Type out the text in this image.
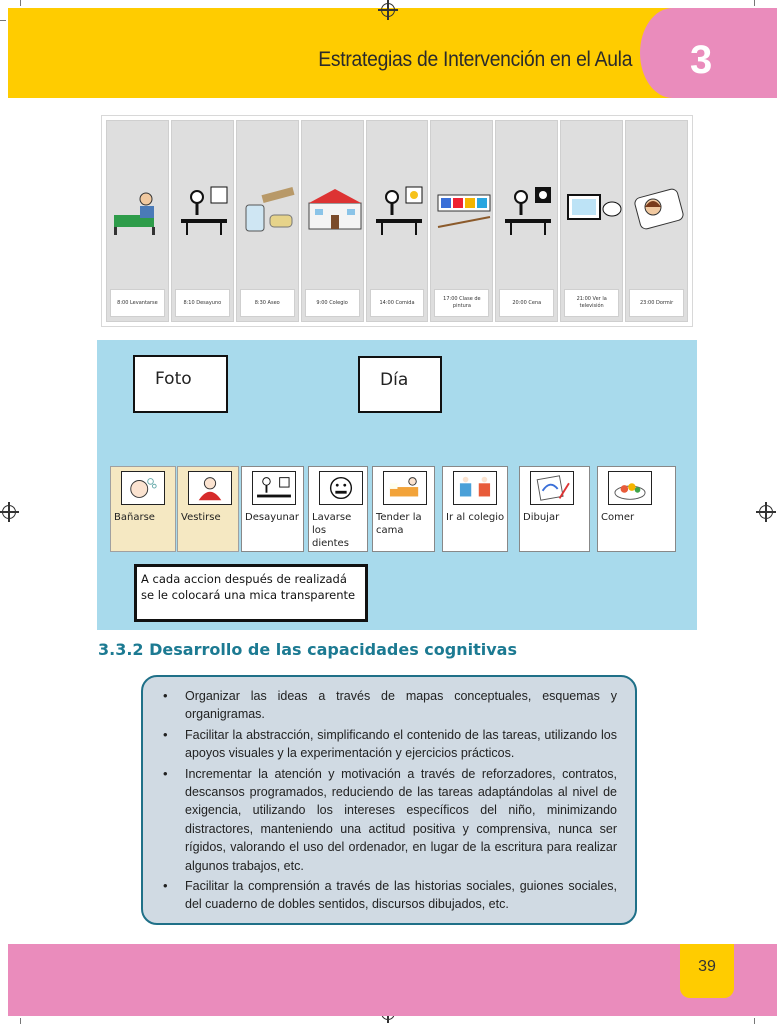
Estrategias de Intervención en el Aula 3
8:00 Levantarse	8:10 Desayuno	8:30 Aseo	9:00 Colegio	14:00 Comida
17:00 Clase de pintura
20:00 Cena
21:00 Ver la televisión
23:00 Dormir
Foto	Día
Bañarse	Vestirse	Desayunar Lavarse los dientes
Tender la cama
Ir al colegio Dibujar	Comer
A cada accion después de realizadá se le colocará una mica transparente
3.3.2 Desarrollo de las capacidades cognitivas
• Organizar las ideas a través de mapas conceptuales, esquemas y organigramas.
• Facilitar la abstracción, simplificando el contenido de las tareas, utilizando los apoyos visuales y la experimentación y ejercicios prácticos.
• Incrementar la atención y motivación a través de reforzadores, contratos, descansos programados, reduciendo de las tareas adaptándolas al nivel de exigencia, utilizando los intereses específicos del niño, minimizando distractores, manteniendo una actitud positiva y comprensiva, nunca ser rígidos, valorando el uso del ordenador, en lugar de la escritura para realizar algunos trabajos, etc.
• Facilitar la comprensión a través de las historias sociales, guiones sociales, del cuaderno de dobles sentidos, discursos dibujados, etc.
39
